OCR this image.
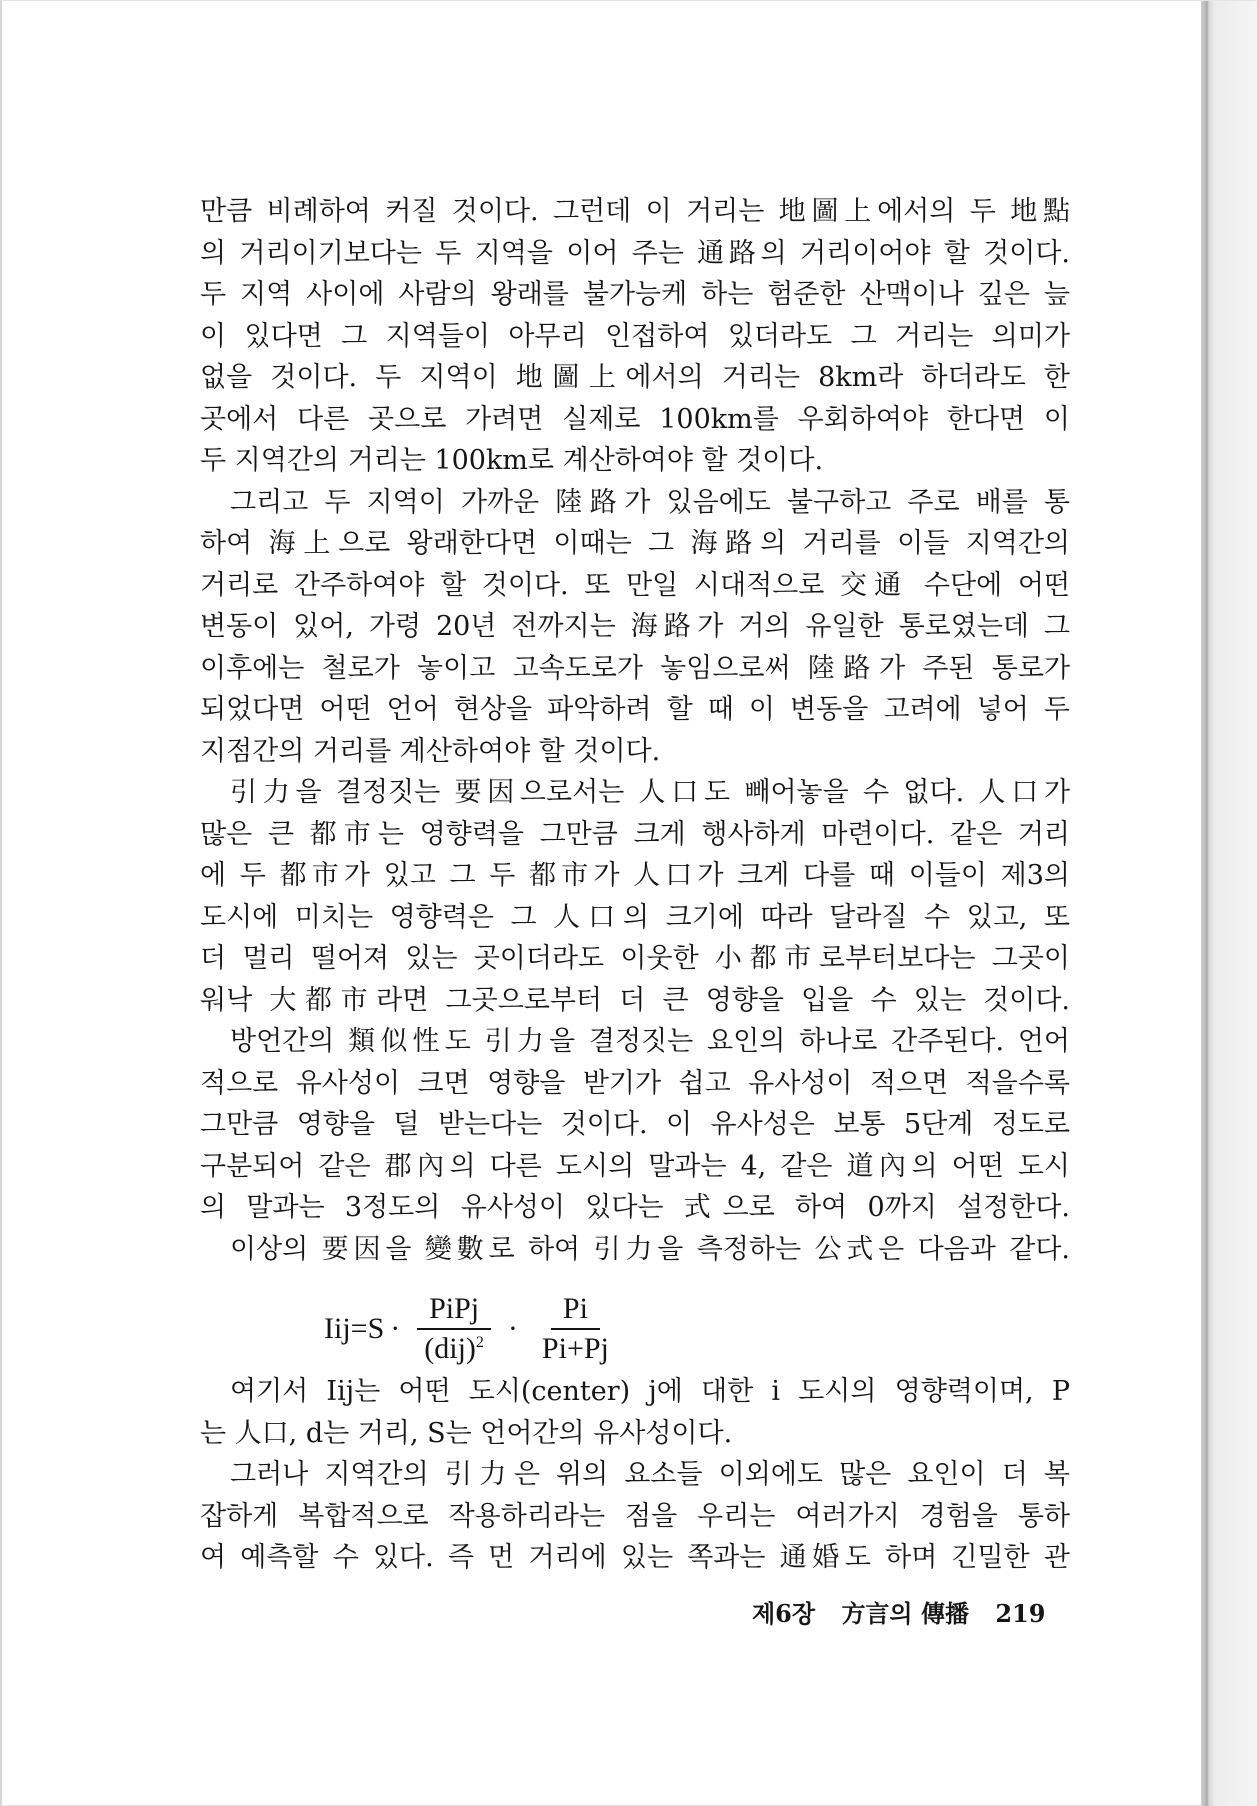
만큼 비례하여 커질 것이다. 그런데 이 거리는 地圖上에서의 두 地點
의 거리이기보다는 두 지역을 이어 주는 通路의 거리이어야 할 것이다.
두 지역 사이에 사람의 왕래를 불가능케 하는 험준한 산맥이나 깊은 늪
이 있다면 그 지역들이 아무리 인접하여 있더라도 그 거리는 의미가
없을 것이다. 두 지역이 地圖上에서의 거리는 8km라 하더라도 한
곳에서 다른 곳으로 가려면 실제로 100km를 우회하여야 한다면 이
두 지역간의 거리는 100km로 계산하여야 할 것이다.
그리고 두 지역이 가까운 陸路가 있음에도 불구하고 주로 배를 통
하여 海上으로 왕래한다면 이때는 그 海路의 거리를 이들 지역간의
거리로 간주하여야 할 것이다. 또 만일 시대적으로 交通 수단에 어떤
변동이 있어, 가령 20년 전까지는 海路가 거의 유일한 통로였는데 그
이후에는 철로가 놓이고 고속도로가 놓임으로써 陸路가 주된 통로가
되었다면 어떤 언어 현상을 파악하려 할 때 이 변동을 고려에 넣어 두
지점간의 거리를 계산하여야 할 것이다.
引力을 결정짓는 要因으로서는 人口도 빼어놓을 수 없다. 人口가
많은 큰 都市는 영향력을 그만큼 크게 행사하게 마련이다. 같은 거리
에 두 都市가 있고 그 두 都市가 人口가 크게 다를 때 이들이 제3의
도시에 미치는 영향력은 그 人口의 크기에 따라 달라질 수 있고, 또
더 멀리 떨어져 있는 곳이더라도 이웃한 小都市로부터보다는 그곳이
워낙 大都市라면 그곳으로부터 더 큰 영향을 입을 수 있는 것이다.
방언간의 類似性도 引力을 결정짓는 요인의 하나로 간주된다. 언어
적으로 유사성이 크면 영향을 받기가 쉽고 유사성이 적으면 적을수록
그만큼 영향을 덜 받는다는 것이다. 이 유사성은 보통 5단계 정도로
구분되어 같은 郡內의 다른 도시의 말과는 4, 같은 道內의 어떤 도시
의 말과는 3정도의 유사성이 있다는 式으로 하여 0까지 설정한다.
이상의 要因을 變數로 하여 引力을 측정하는 公式은 다음과 같다.
$Iij=S \cdot \frac{\text{PiPj}}{(dij)^2} \cdot \frac{Pi}{Pi+Pj}$
여기서 Iij는 어떤 도시(center) j에 대한 i 도시의 영향력이며, P
는 人口, d는 거리, S는 언어간의 유사성이다.
그러나 지역간의 引力은 위의 요소들 이외에도 많은 요인이 더 복
잡하게 복합적으로 작용하리라는 점을 우리는 여러가지 경험을 통하
여 예측할 수 있다. 즉 먼 거리에 있는 쪽과는 通婚도 하며 긴밀한 관
제6장 方言의 傳播 219
